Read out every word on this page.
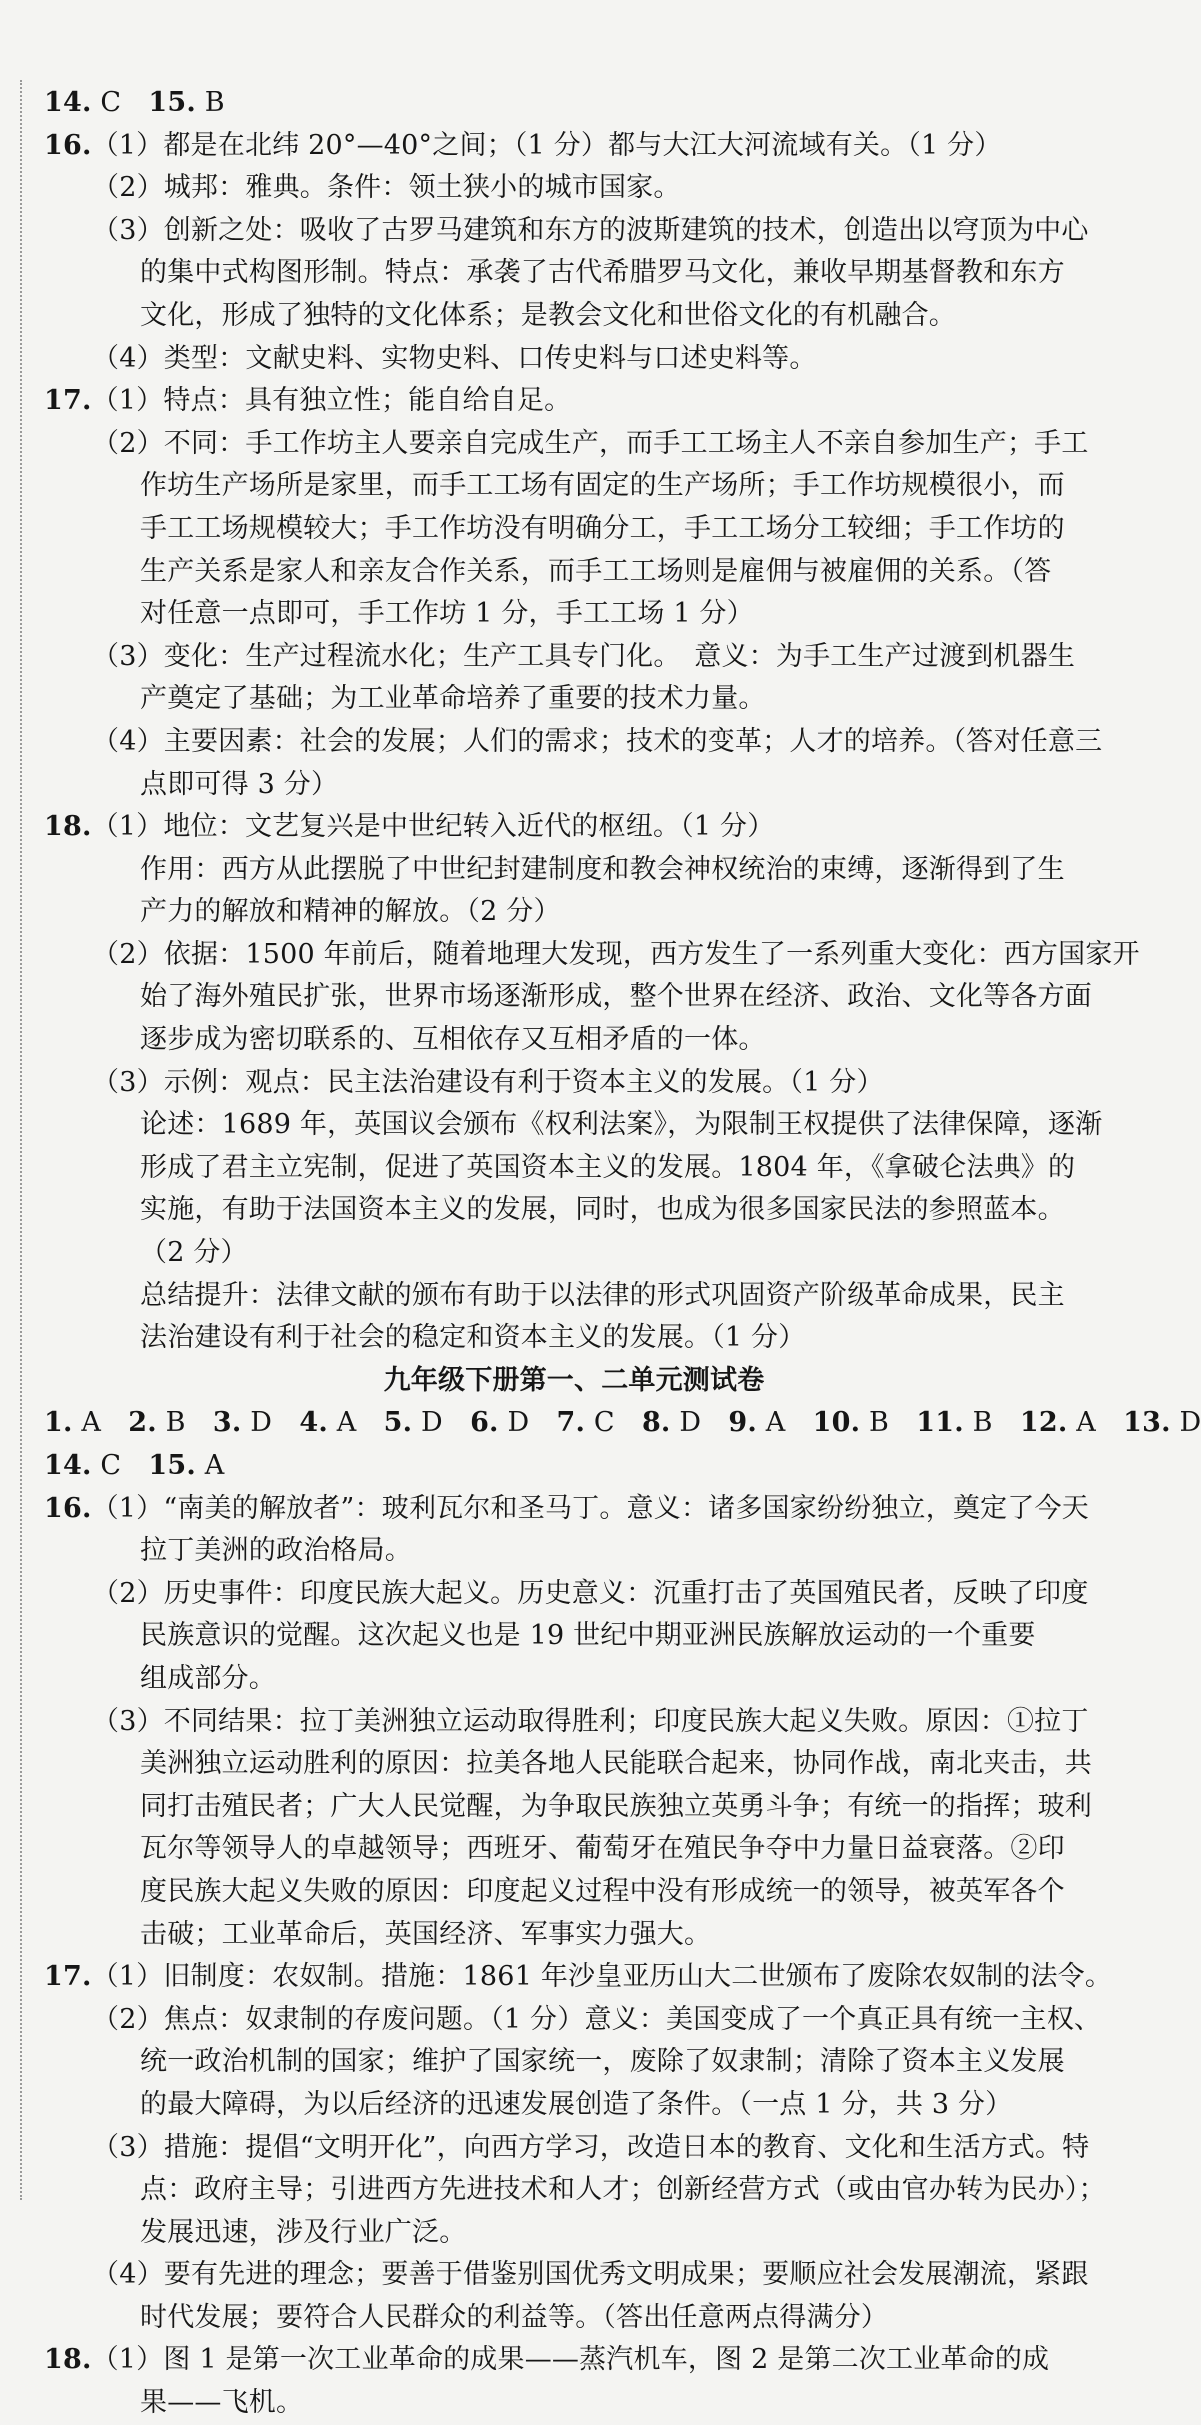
14. C　15. B
16.（1）都是在北纬 20°—40°之间；（1 分）都与大江大河流域有关。（1 分）
（2）城邦：雅典。条件：领土狭小的城市国家。
（3）创新之处：吸收了古罗马建筑和东方的波斯建筑的技术，创造出以穹顶为中心
的集中式构图形制。特点：承袭了古代希腊罗马文化，兼收早期基督教和东方
文化，形成了独特的文化体系；是教会文化和世俗文化的有机融合。
（4）类型：文献史料、实物史料、口传史料与口述史料等。
17.（1）特点：具有独立性；能自给自足。
（2）不同：手工作坊主人要亲自完成生产，而手工工场主人不亲自参加生产；手工
作坊生产场所是家里，而手工工场有固定的生产场所；手工作坊规模很小，而
手工工场规模较大；手工作坊没有明确分工，手工工场分工较细；手工作坊的
生产关系是家人和亲友合作关系，而手工工场则是雇佣与被雇佣的关系。（答
对任意一点即可，手工作坊 1 分，手工工场 1 分）
（3）变化：生产过程流水化；生产工具专门化。　意义：为手工生产过渡到机器生
产奠定了基础；为工业革命培养了重要的技术力量。
（4）主要因素：社会的发展；人们的需求；技术的变革；人才的培养。（答对任意三
点即可得 3 分）
18.（1）地位：文艺复兴是中世纪转入近代的枢纽。（1 分）
作用：西方从此摆脱了中世纪封建制度和教会神权统治的束缚，逐渐得到了生
产力的解放和精神的解放。（2 分）
（2）依据：1500 年前后，随着地理大发现，西方发生了一系列重大变化：西方国家开
始了海外殖民扩张，世界市场逐渐形成，整个世界在经济、政治、文化等各方面
逐步成为密切联系的、互相依存又互相矛盾的一体。
（3）示例：观点：民主法治建设有利于资本主义的发展。（1 分）
论述：1689 年，英国议会颁布《权利法案》，为限制王权提供了法律保障，逐渐
形成了君主立宪制，促进了英国资本主义的发展。1804 年，《拿破仑法典》的
实施，有助于法国资本主义的发展，同时，也成为很多国家民法的参照蓝本。
（2 分）
总结提升：法律文献的颁布有助于以法律的形式巩固资产阶级革命成果，民主
法治建设有利于社会的稳定和资本主义的发展。（1 分）
九年级下册第一、二单元测试卷
1. A　2. B　3. D　4. A　5. D　6. D　7. C　8. D　9. A　10. B　11. B　12. A　13. D
14. C　15. A
16.（1）“南美的解放者”：玻利瓦尔和圣马丁。意义：诸多国家纷纷独立，奠定了今天
拉丁美洲的政治格局。
（2）历史事件：印度民族大起义。历史意义：沉重打击了英国殖民者，反映了印度
民族意识的觉醒。这次起义也是 19 世纪中期亚洲民族解放运动的一个重要
组成部分。
（3）不同结果：拉丁美洲独立运动取得胜利；印度民族大起义失败。原因：①拉丁
美洲独立运动胜利的原因：拉美各地人民能联合起来，协同作战，南北夹击，共
同打击殖民者；广大人民觉醒，为争取民族独立英勇斗争；有统一的指挥；玻利
瓦尔等领导人的卓越领导；西班牙、葡萄牙在殖民争夺中力量日益衰落。②印
度民族大起义失败的原因：印度起义过程中没有形成统一的领导，被英军各个
击破；工业革命后，英国经济、军事实力强大。
17.（1）旧制度：农奴制。措施：1861 年沙皇亚历山大二世颁布了废除农奴制的法令。
（2）焦点：奴隶制的存废问题。（1 分）意义：美国变成了一个真正具有统一主权、
统一政治机制的国家；维护了国家统一，废除了奴隶制；清除了资本主义发展
的最大障碍，为以后经济的迅速发展创造了条件。（一点 1 分，共 3 分）
（3）措施：提倡“文明开化”，向西方学习，改造日本的教育、文化和生活方式。特
点：政府主导；引进西方先进技术和人才；创新经营方式（或由官办转为民办）；
发展迅速，涉及行业广泛。
（4）要有先进的理念；要善于借鉴别国优秀文明成果；要顺应社会发展潮流，紧跟
时代发展；要符合人民群众的利益等。（答出任意两点得满分）
18.（1）图 1 是第一次工业革命的成果——蒸汽机车，图 2 是第二次工业革命的成
果——飞机。
